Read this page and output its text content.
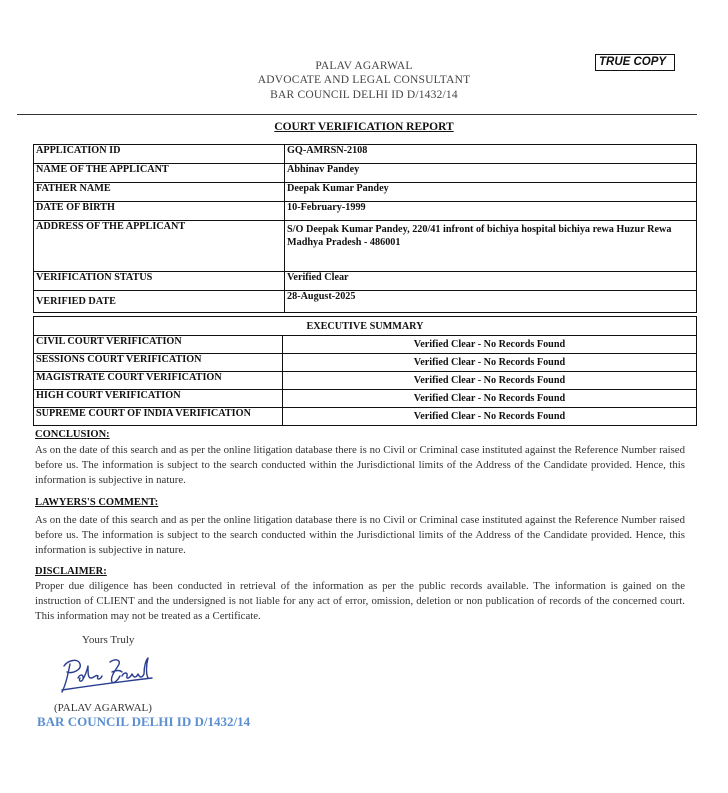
TRUE COPY
PALAV AGARWAL
ADVOCATE AND LEGAL CONSULTANT
BAR COUNCIL DELHI ID D/1432/14
COURT VERIFICATION REPORT
APPLICATION ID	GQ-AMRSN-2108
NAME OF THE APPLICANT	Abhinav Pandey
FATHER NAME	Deepak Kumar Pandey
DATE OF BIRTH	10-February-1999
ADDRESS OF THE APPLICANT	S/O Deepak Kumar Pandey, 220/41 infront of bichiya hospital bichiya rewa Huzur Rewa Madhya Pradesh - 486001
VERIFICATION STATUS	Verified Clear
VERIFIED DATE	28-August-2025
EXECUTIVE SUMMARY	
CIVIL COURT VERIFICATION	Verified Clear - No Records Found
SESSIONS COURT VERIFICATION	Verified Clear - No Records Found
MAGISTRATE COURT VERIFICATION	Verified Clear - No Records Found
HIGH COURT VERIFICATION	Verified Clear - No Records Found
SUPREME COURT OF INDIA VERIFICATION	Verified Clear - No Records Found
CONCLUSION:
As on the date of this search and as per the online litigation database there is no Civil or Criminal case instituted against the Reference Number raised before us. The information is subject to the search conducted within the Jurisdictional limits of the Address of the Candidate provided. Hence, this information is subjective in nature.
LAWYERS'S COMMENT:
As on the date of this search and as per the online litigation database there is no Civil or Criminal case instituted against the Reference Number raised before us. The information is subject to the search conducted within the Jurisdictional limits of the Address of the Candidate provided. Hence, this information is subjective in nature.
DISCLAIMER:
Proper due diligence has been conducted in retrieval of the information as per the public records available. The information is gained on the instruction of CLIENT and the undersigned is not liable for any act of error, omission, deletion or non publication of records of the concerned court. This information may not be treated as a Certificate.
Yours Truly
(PALAV AGARWAL)
BAR COUNCIL DELHI ID D/1432/14
